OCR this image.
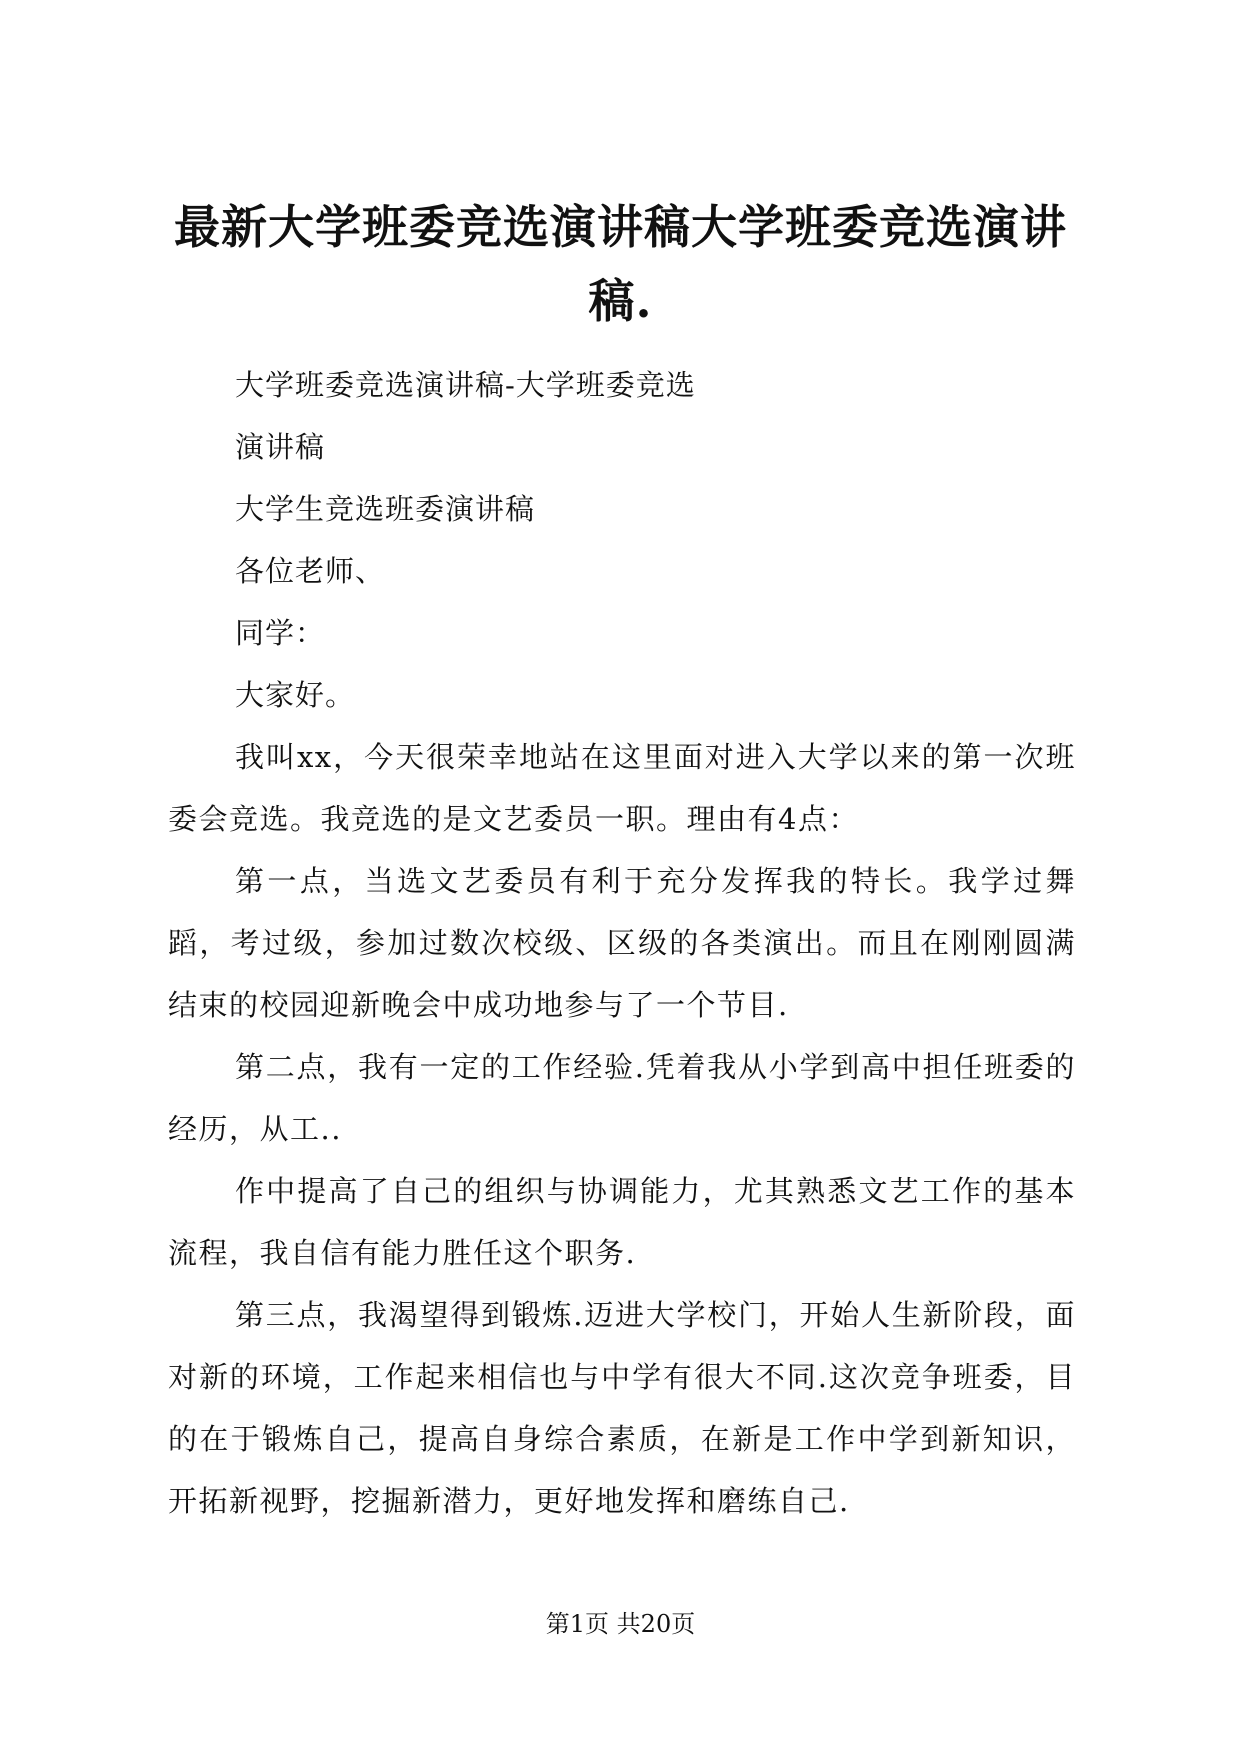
最新大学班委竞选演讲稿大学班委竞选演讲稿.

大学班委竞选演讲稿-大学班委竞选

演讲稿

大学生竞选班委演讲稿

各位老师、

同学：

大家好。

我叫xx，今天很荣幸地站在这里面对进入大学以来的第一次班委会竞选。我竞选的是文艺委员一职。理由有4点：

第一点，当选文艺委员有利于充分发挥我的特长。我学过舞蹈，考过级，参加过数次校级、区级的各类演出。而且在刚刚圆满结束的校园迎新晚会中成功地参与了一个节目.

第二点，我有一定的工作经验.凭着我从小学到高中担任班委的经历，从工..

作中提高了自己的组织与协调能力，尤其熟悉文艺工作的基本流程，我自信有能力胜任这个职务.

第三点，我渴望得到锻炼.迈进大学校门，开始人生新阶段，面对新的环境，工作起来相信也与中学有很大不同.这次竞争班委，目的在于锻炼自己，提高自身综合素质，在新是工作中学到新知识，开拓新视野，挖掘新潜力，更好地发挥和磨练自己.

第1页 共20页
